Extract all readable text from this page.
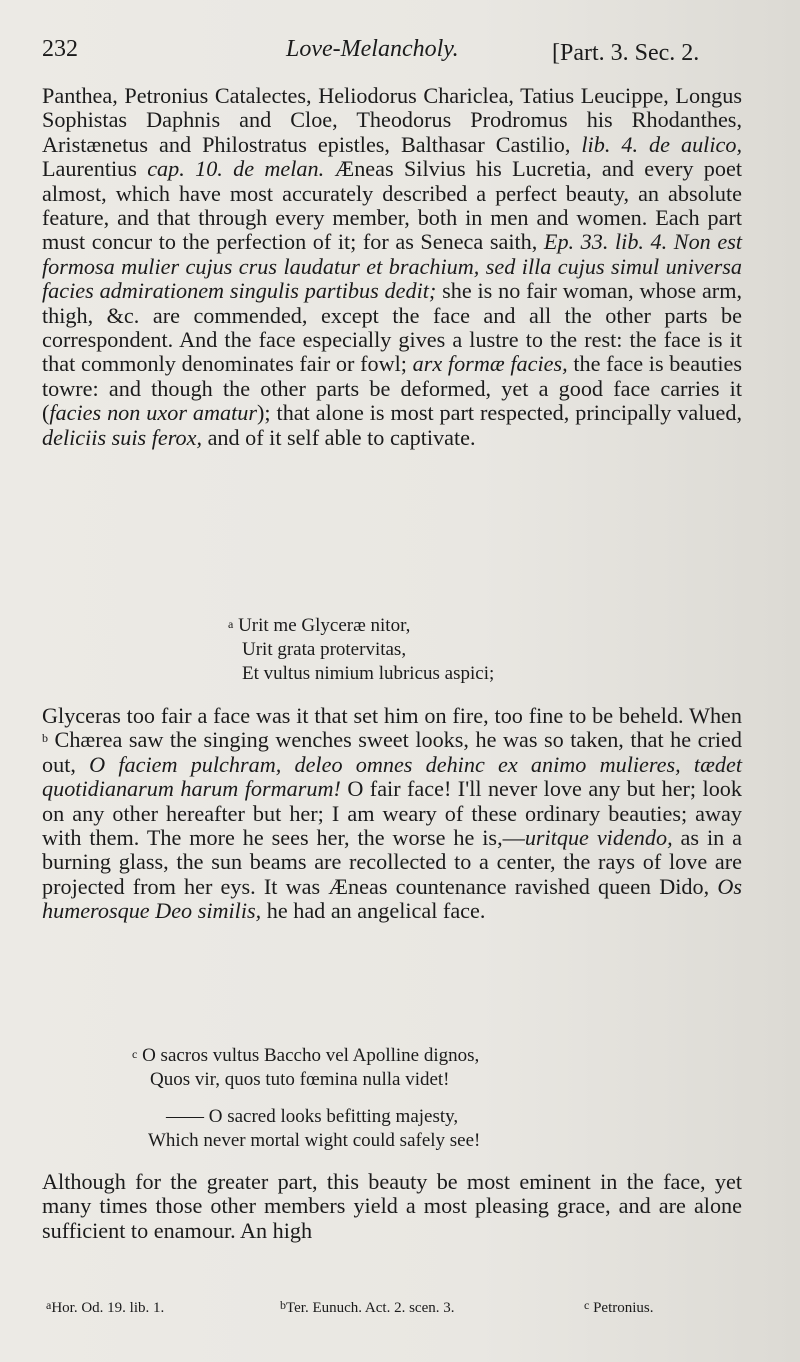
232	Love-Melancholy.	[Part. 3. Sec. 2.

Panthea, Petronius Catalectes, Heliodorus Chariclea, Tatius Leucippe, Longus Sophistas Daphnis and Cloe, Theodorus Prodromus his Rhodanthes, Aristænetus and Philostratus epistles, Balthasar Castilio, lib. 4. de aulico, Laurentius cap. 10. de melan. Æneas Silvius his Lucretia, and every poet almost, which have most accurately described a perfect beauty, an absolute feature, and that through every member, both in men and women. Each part must concur to the perfection of it; for as Seneca saith, Ep. 33. lib. 4. Non est formosa mulier cujus crus laudatur et brachium, sed illa cujus simul universa facies admirationem singulis partibus dedit; she is no fair woman, whose arm, thigh, &c. are commended, except the face and all the other parts be correspondent. And the face especially gives a lustre to the rest: the face is it that commonly denominates fair or fowl; arx formæ facies, the face is beauties towre: and though the other parts be deformed, yet a good face carries it (facies non uxor amatur); that alone is most part respected, principally valued, deliciis suis ferox, and of it self able to captivate.

$^a$ Urit me Glyceræ nitor,
Urit grata protervitas,
Et vultus nimium lubricus aspici;

Glyceras too fair a face was it that set him on fire, too fine to be beheld. When $^b$ Chærea saw the singing wenches sweet looks, he was so taken, that he cried out, O faciem pulchram, deleo omnes dehinc ex animo mulieres, tædet quotidianarum harum formarum! O fair face! I'll never love any but her; look on any other hereafter but her; I am weary of these ordinary beauties; away with them. The more he sees her, the worse he is,—uritque videndo, as in a burning glass, the sun beams are recollected to a center, the rays of love are projected from her eys. It was Æneas countenance ravished queen Dido, Os humerosque Deo similis, he had an angelical face.

$^c$ O sacros vultus Baccho vel Apolline dignos,
Quos vir, quos tuto fœmina nulla videt!
—— O sacred looks befitting majesty,
Which never mortal wight could safely see!

Although for the greater part, this beauty be most eminent in the face, yet many times those other members yield a most pleasing grace, and are alone sufficient to enamour. An high

$^a$Hor. Od. 19. lib. 1.	$^b$Ter. Eunuch. Act. 2. scen. 3.	$^c$ Petronius.
